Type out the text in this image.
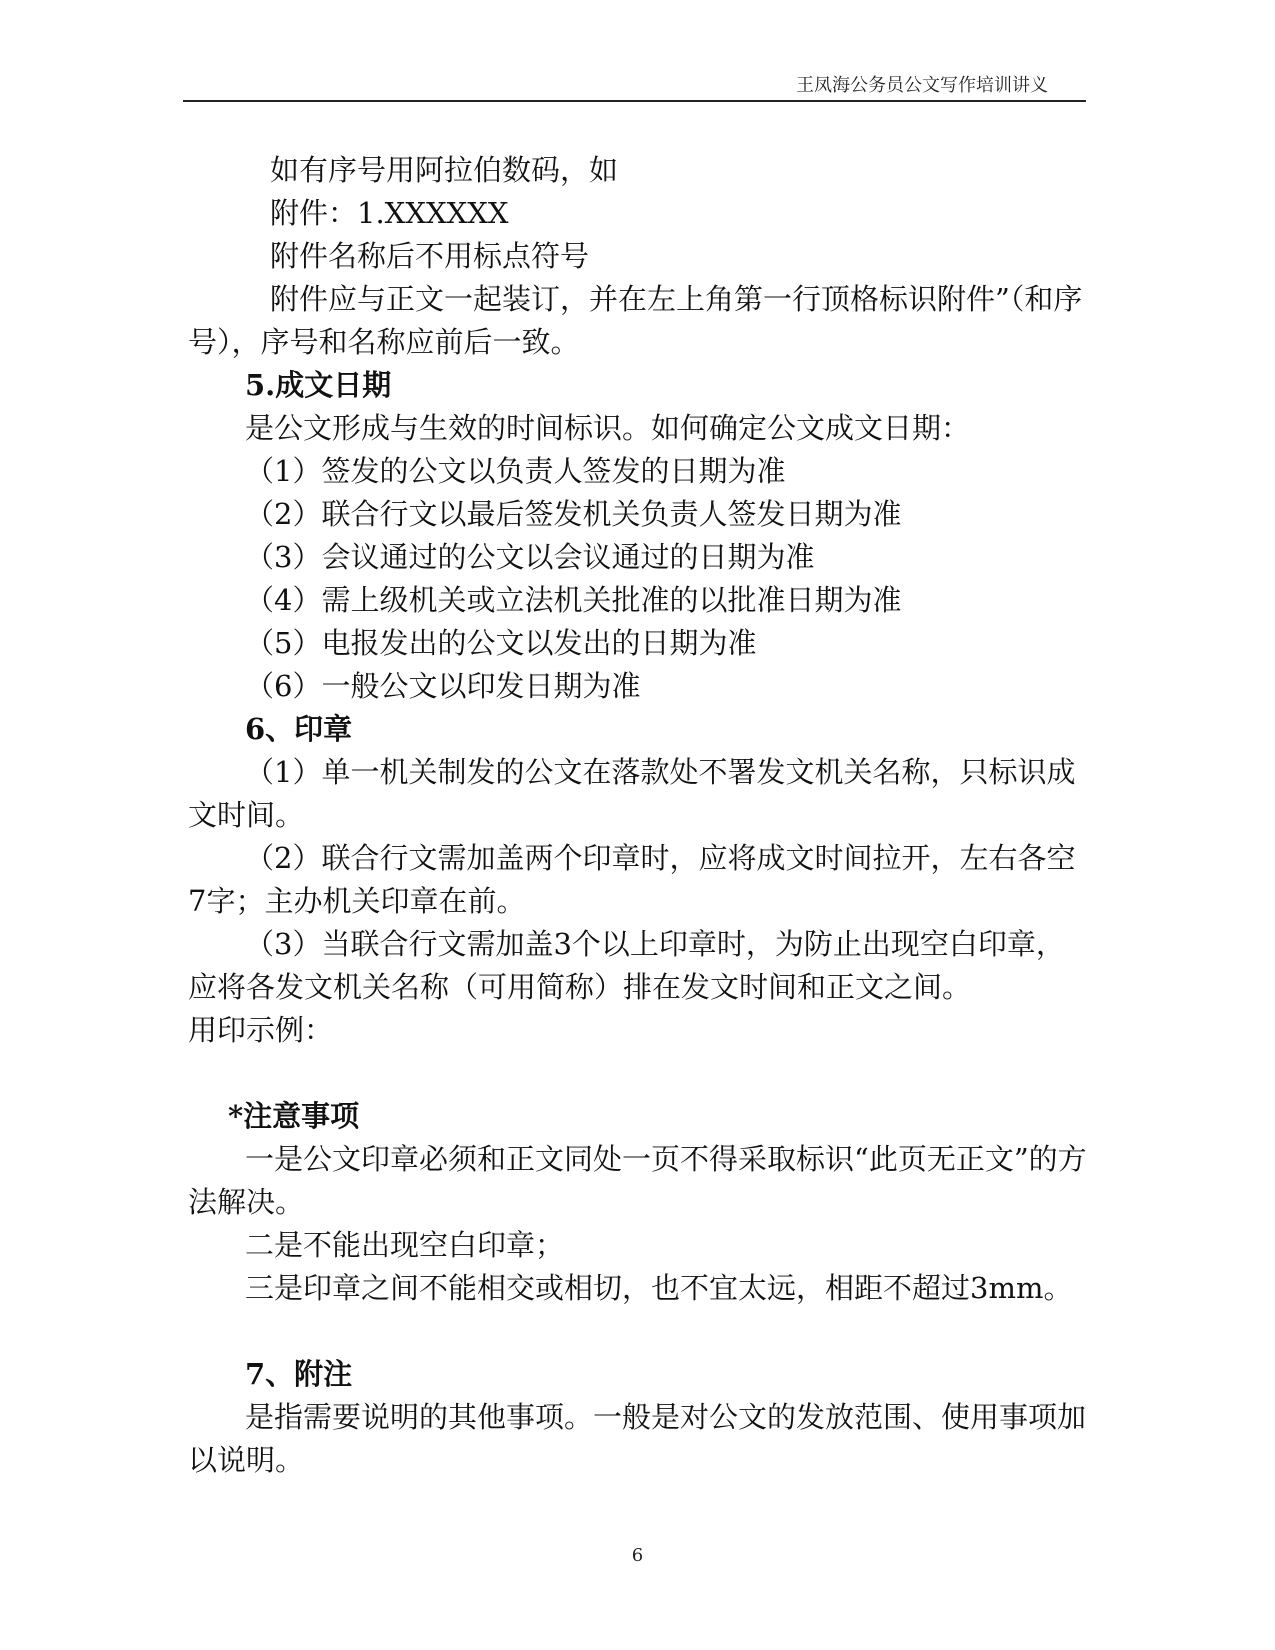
王凤海公务员公文写作培训讲义
如有序号用阿拉伯数码，如
附件：1.XXXXXX
附件名称后不用标点符号
附件应与正文一起装订，并在左上角第一行顶格标识附件”（和序号），序号和名称应前后一致。
5.成文日期
是公文形成与生效的时间标识。如何确定公文成文日期：
（1）签发的公文以负责人签发的日期为准
（2）联合行文以最后签发机关负责人签发日期为准
（3）会议通过的公文以会议通过的日期为准
（4）需上级机关或立法机关批准的以批准日期为准
（5）电报发出的公文以发出的日期为准
（6）一般公文以印发日期为准
6、印章
（1）单一机关制发的公文在落款处不署发文机关名称，只标识成文时间。
（2）联合行文需加盖两个印章时，应将成文时间拉开，左右各空7字；主办机关印章在前。
（3）当联合行文需加盖3个以上印章时，为防止出现空白印章，应将各发文机关名称（可用简称）排在发文时间和正文之间。
用印示例：
*注意事项
一是公文印章必须和正文同处一页不得采取标识“此页无正文”的方法解决。
二是不能出现空白印章；
三是印章之间不能相交或相切，也不宜太远，相距不超过3mm。
7、附注
是指需要说明的其他事项。一般是对公文的发放范围、使用事项加以说明。
6
